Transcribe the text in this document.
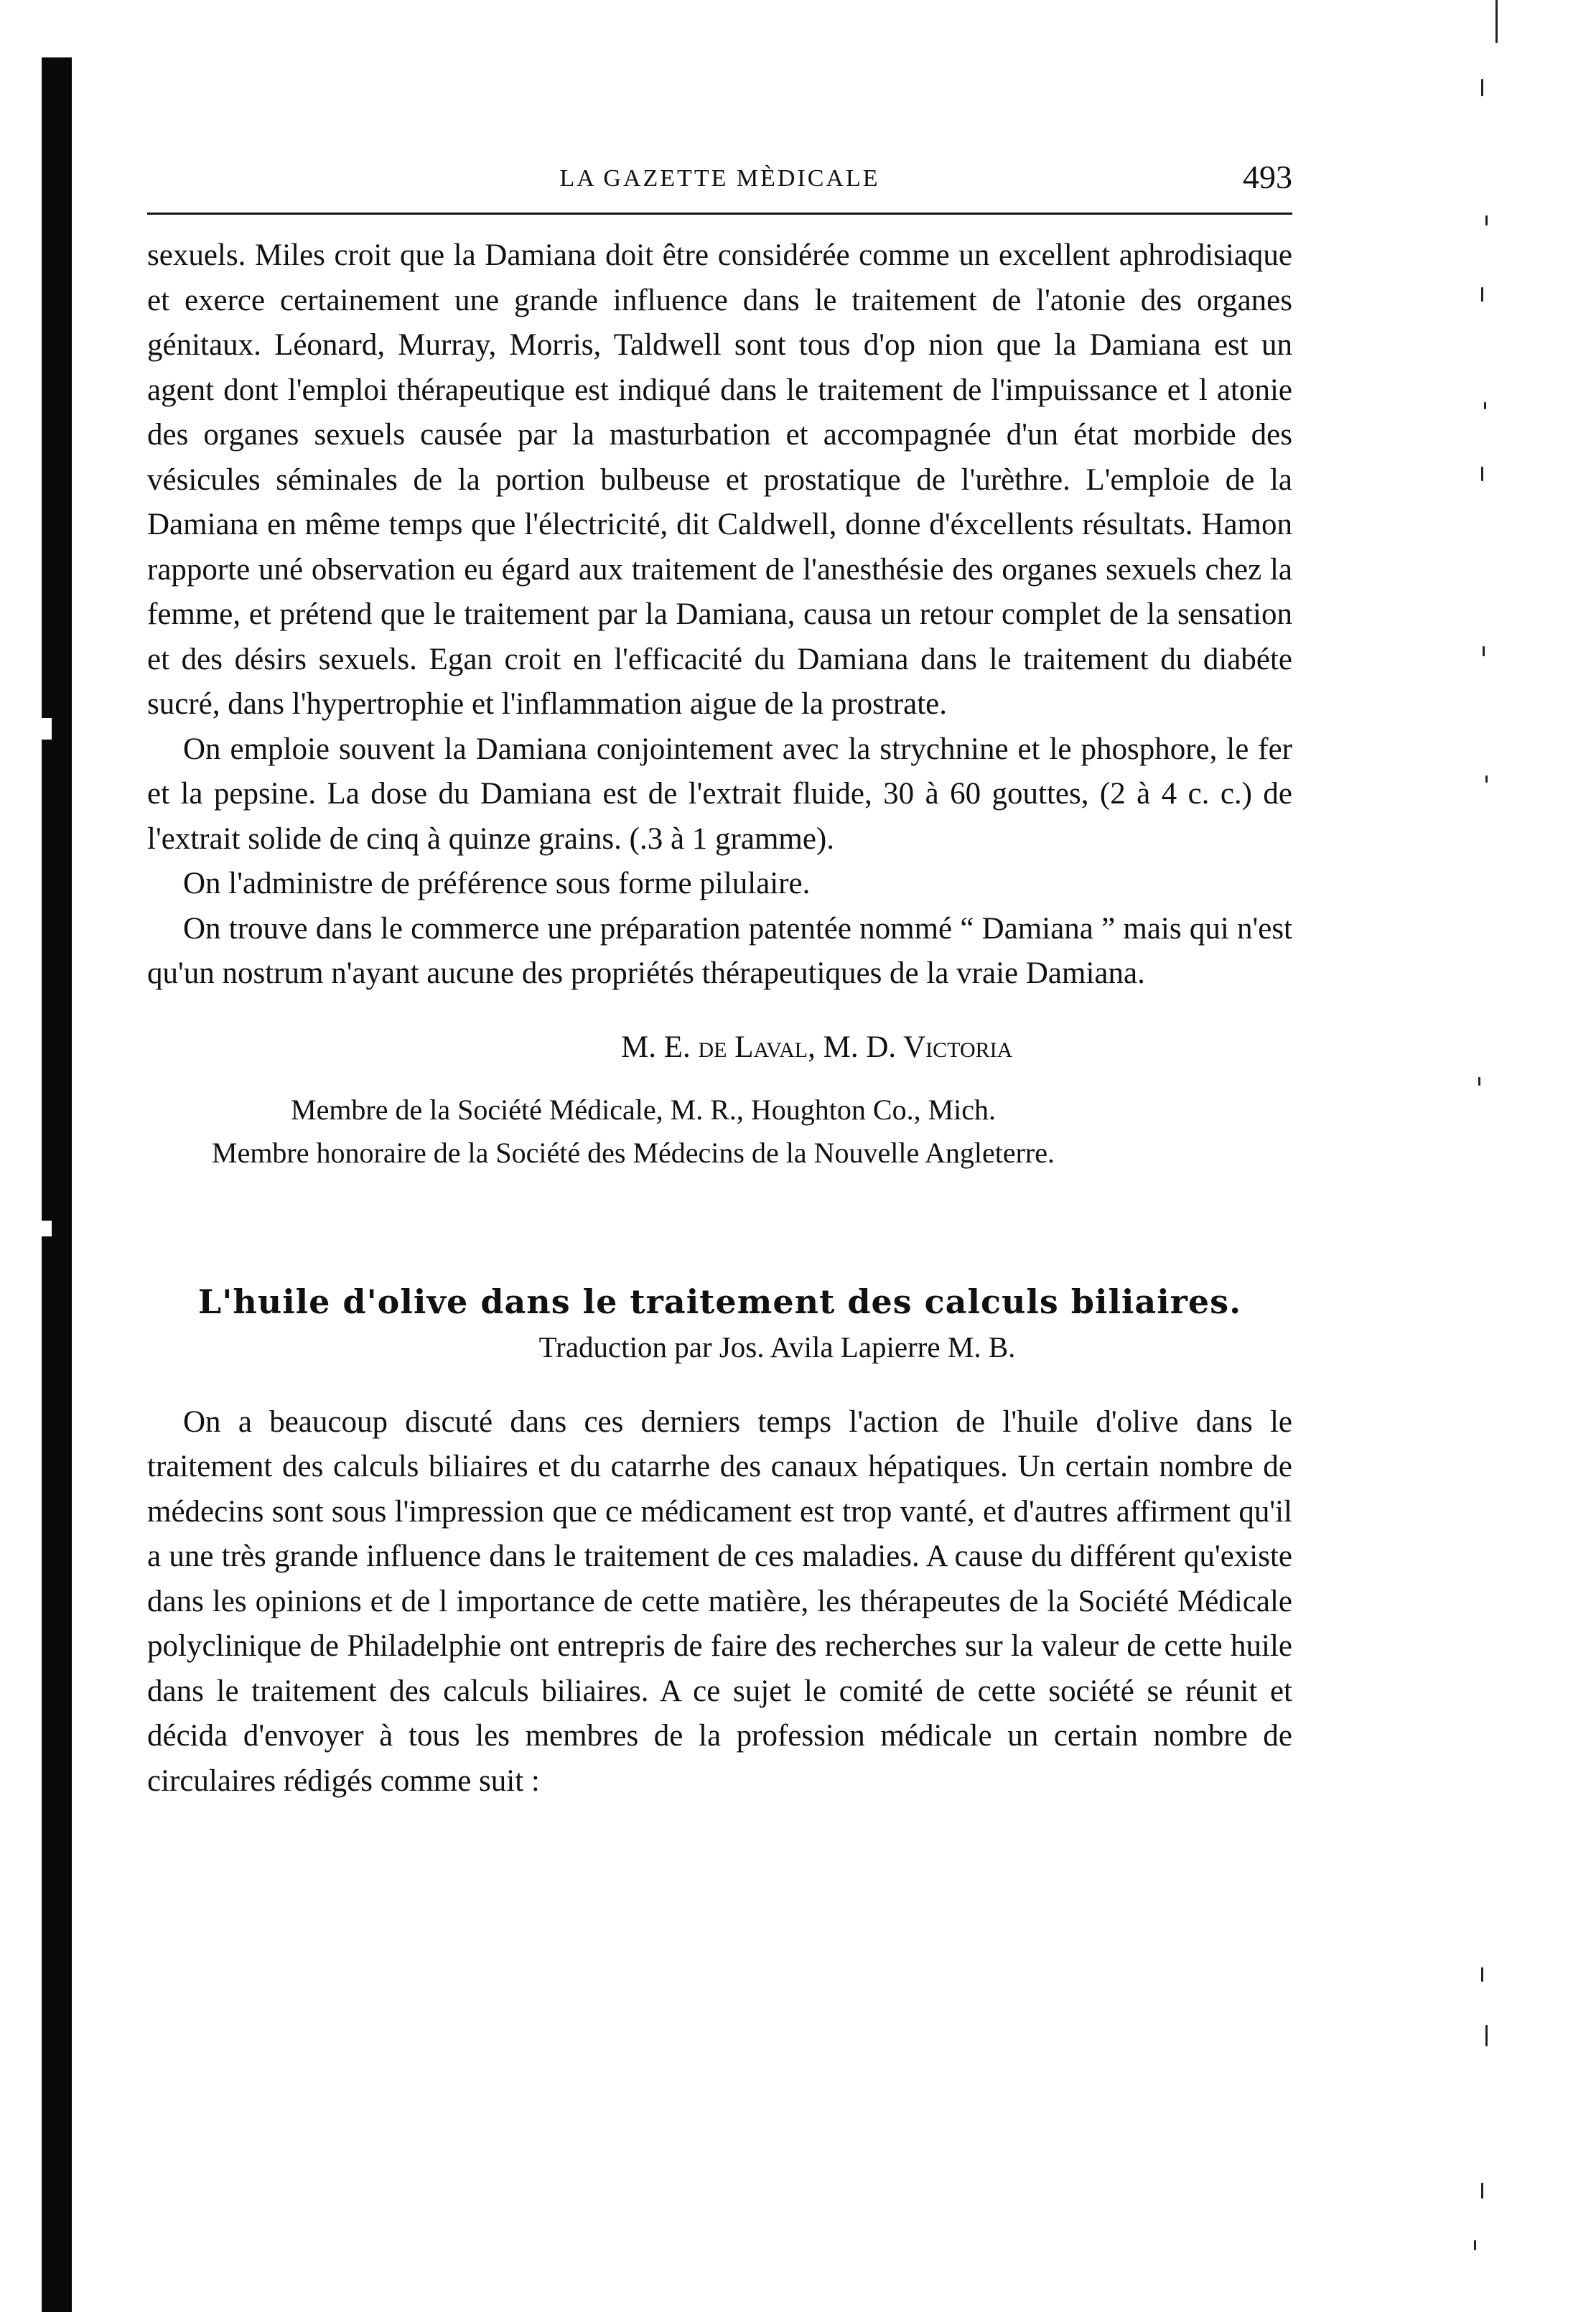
LA GAZETTE MÈDICALE	493

sexuels. Miles croit que la Damiana doit être considérée comme un excellent aphrodisiaque et exerce certainement une grande influence dans le traitement de l'atonie des organes génitaux. Léonard, Murray, Morris, Taldwell sont tous d'op nion que la Damiana est un agent dont l'emploi thérapeutique est indiqué dans le traitement de l'impuissance et l atonie des organes sexuels causée par la masturbation et accompagnée d'un état morbide des vésicules séminales de la portion bulbeuse et prostatique de l'urèthre. L'emploie de la Damiana en même temps que l'électricité, dit Caldwell, donne d'éxcellents résultats. Hamon rapporte uné observation eu égard aux traitement de l'anesthésie des organes sexuels chez la femme, et prétend que le traitement par la Damiana, causa un retour complet de la sensation et des désirs sexuels. Egan croit en l'efficacité du Damiana dans le traitement du diabéte sucré, dans l'hypertrophie et l'inflammation aigue de la prostrate.

On emploie souvent la Damiana conjointement avec la strychnine et le phosphore, le fer et la pepsine. La dose du Damiana est de l'extrait fluide, 30 à 60 gouttes, (2 à 4 c. c.) de l'extrait solide de cinq à quinze grains. (.3 à 1 gramme).

On l'administre de préférence sous forme pilulaire.

On trouve dans le commerce une préparation patentée nommé “ Damiana ” mais qui n'est qu'un nostrum n'ayant aucune des propriétés thérapeutiques de la vraie Damiana.

M. E. de Laval, M. D. Victoria

Membre de la Société Médicale, M. R., Houghton Co., Mich.

Membre honoraire de la Société des Médecins de la Nouvelle Angleterre.

L'huile d'olive dans le traitement des calculs biliaires.

Traduction par Jos. Avila Lapierre M. B.

On a beaucoup discuté dans ces derniers temps l'action de l'huile d'olive dans le traitement des calculs biliaires et du catarrhe des canaux hépatiques. Un certain nombre de médecins sont sous l'impression que ce médicament est trop vanté, et d'autres affirment qu'il a une très grande influence dans le traitement de ces maladies. A cause du différent qu'existe dans les opinions et de l importance de cette matière, les thérapeutes de la Société Médicale polyclinique de Philadelphie ont entrepris de faire des recherches sur la valeur de cette huile dans le traitement des calculs biliaires. A ce sujet le comité de cette société se réunit et décida d'envoyer à tous les membres de la profession médicale un certain nombre de circulaires rédigés comme suit :
